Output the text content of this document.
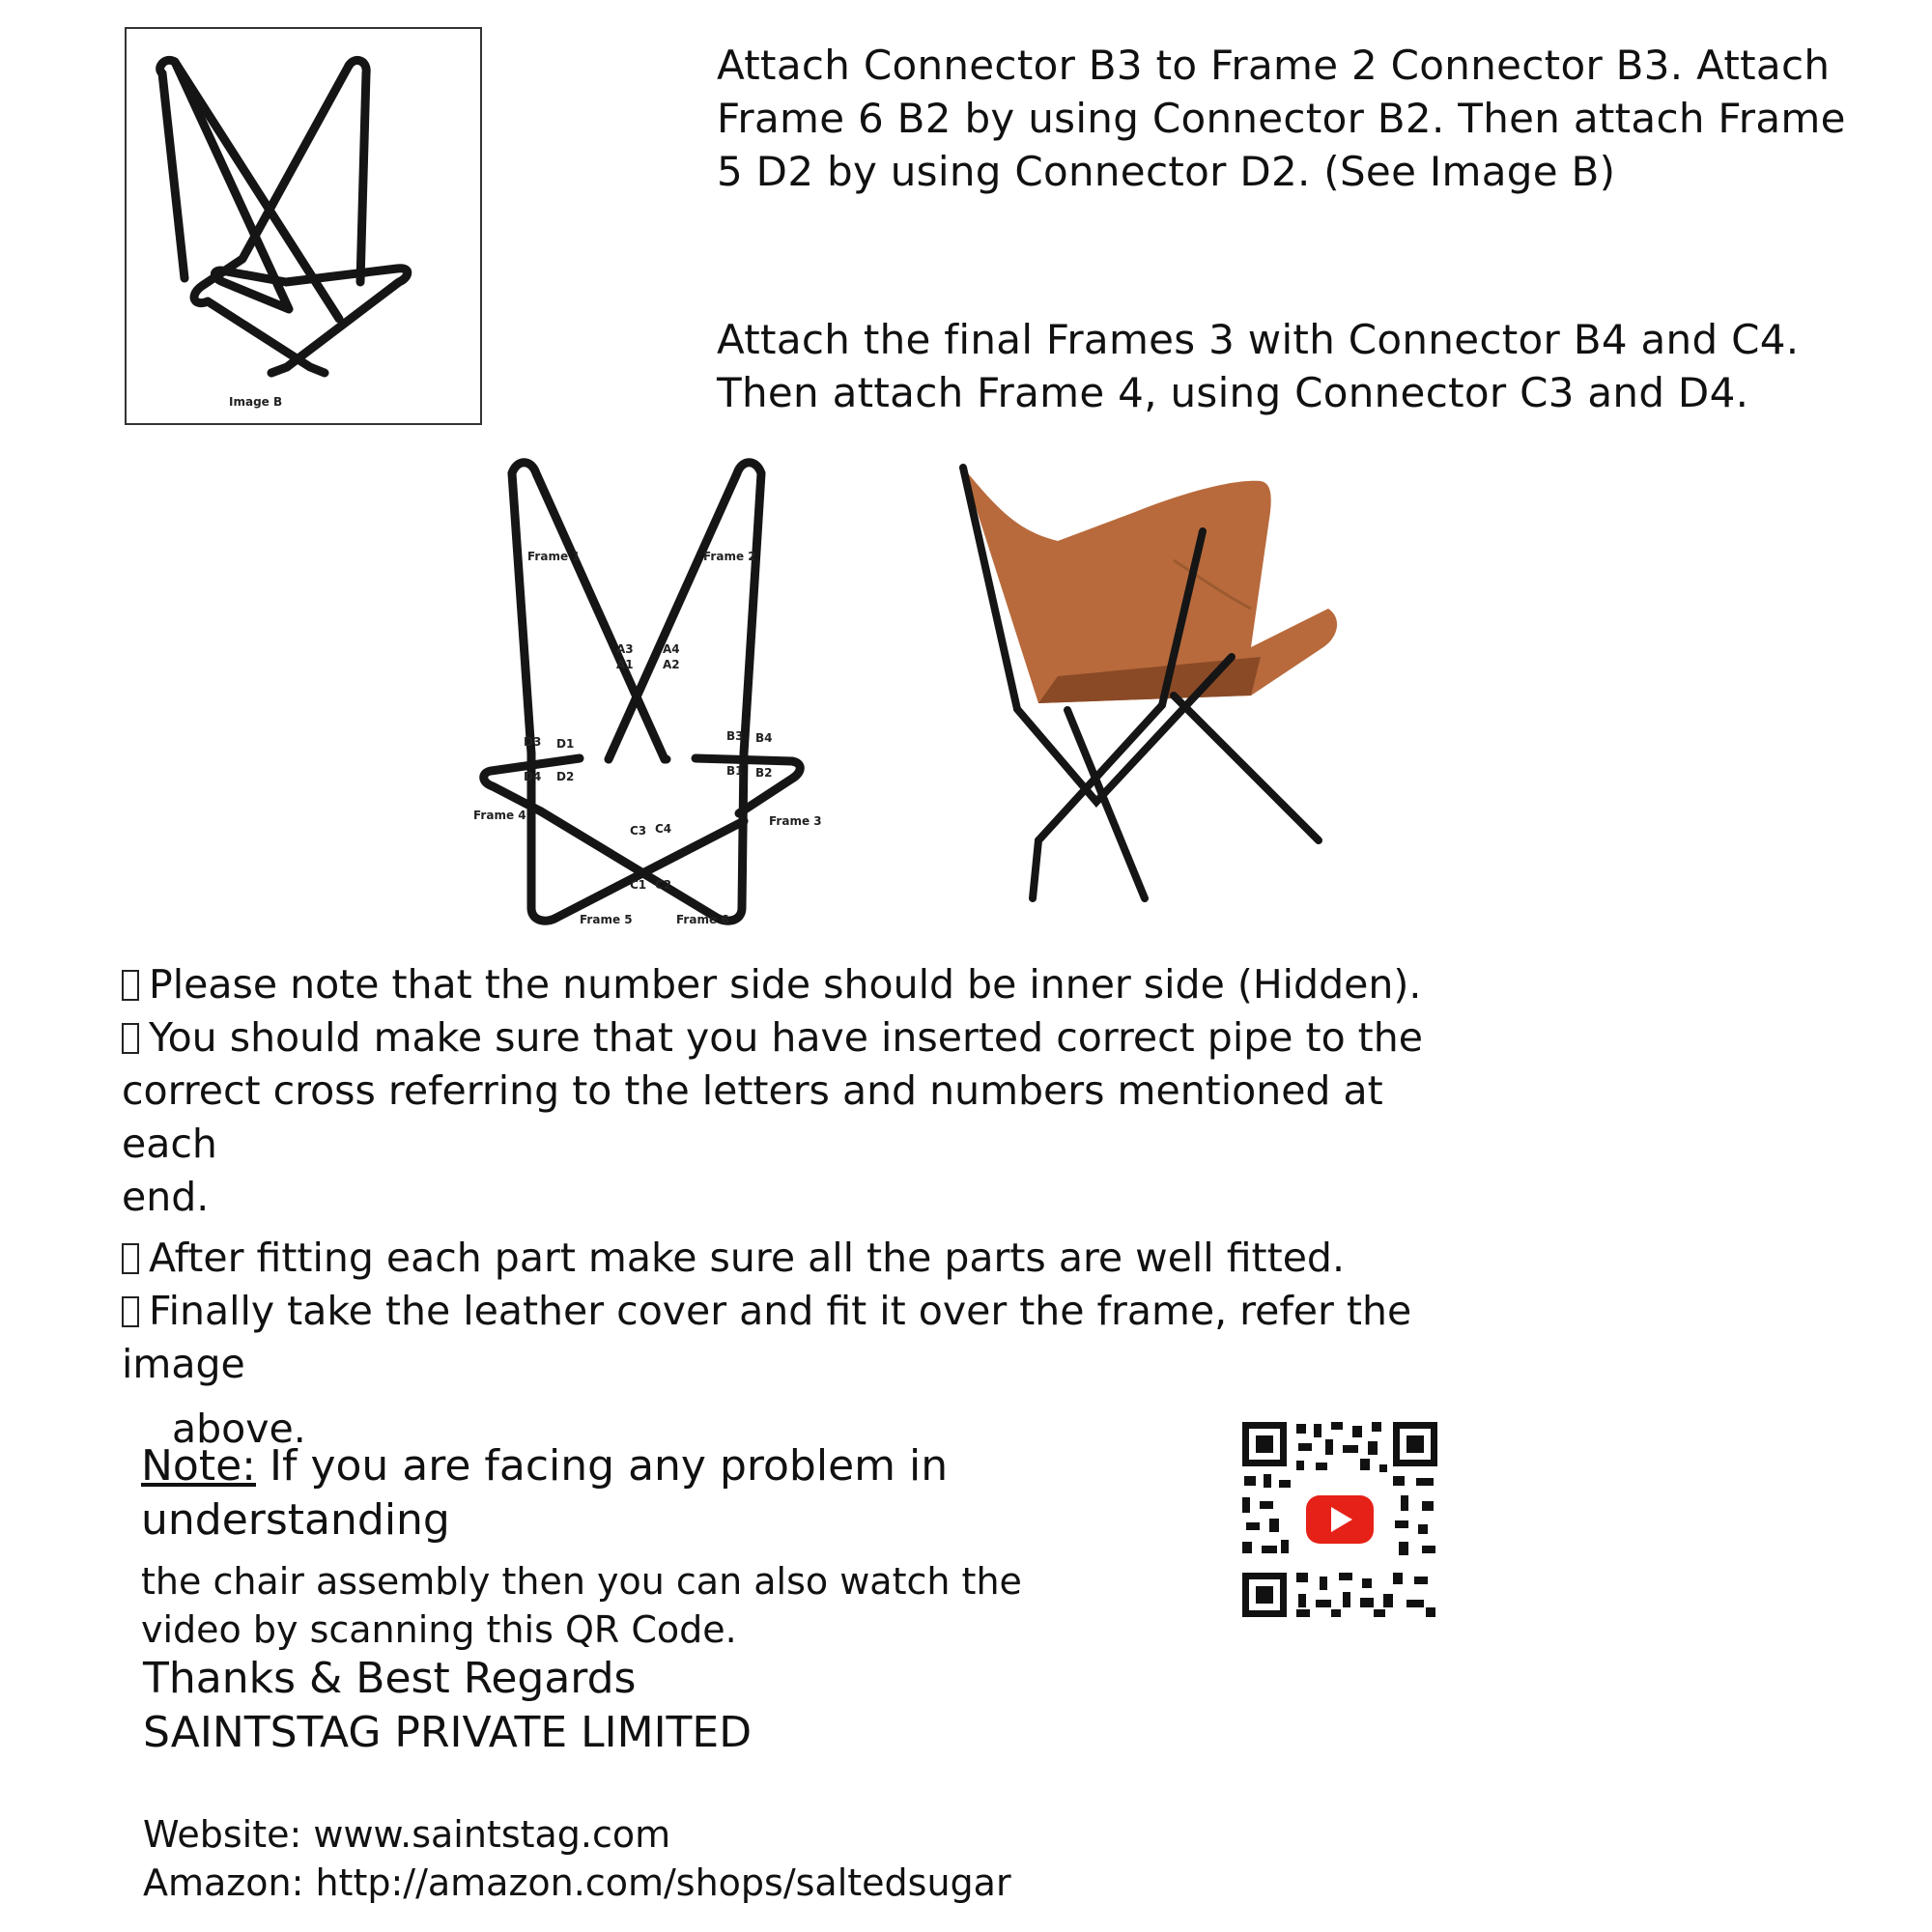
Image B
Attach Connector B3 to Frame 2 Connector B3. Attach
Frame 6 B2 by using Connector B2. Then attach Frame
5 D2 by using Connector D2. (See Image B)
Attach the final Frames 3 with Connector B4 and C4.
Then attach Frame 4, using Connector C3 and D4.
Frame 1	Frame 2
Frame 3
Frame 4
Frame 5	Frame 6
A3	A4
A1	A2
D3 D1
D4 D2
B3 B4
B1 B2
C3 C4
C1 C2
Please note that the number side should be inner side (Hidden).
You should make sure that you have inserted correct pipe to the
correct cross referring to the letters and numbers mentioned at each
end.
After fitting each part make sure all the parts are well fitted.
Finally take the leather cover and fit it over the frame, refer the image
above.
Note: If you are facing any problem in understanding
the chair assembly then you can also watch the
video by scanning this QR Code.
Thanks & Best Regards
SAINTSTAG PRIVATE LIMITED
Website: www.saintstag.com
Amazon: http://amazon.com/shops/saltedsugar
